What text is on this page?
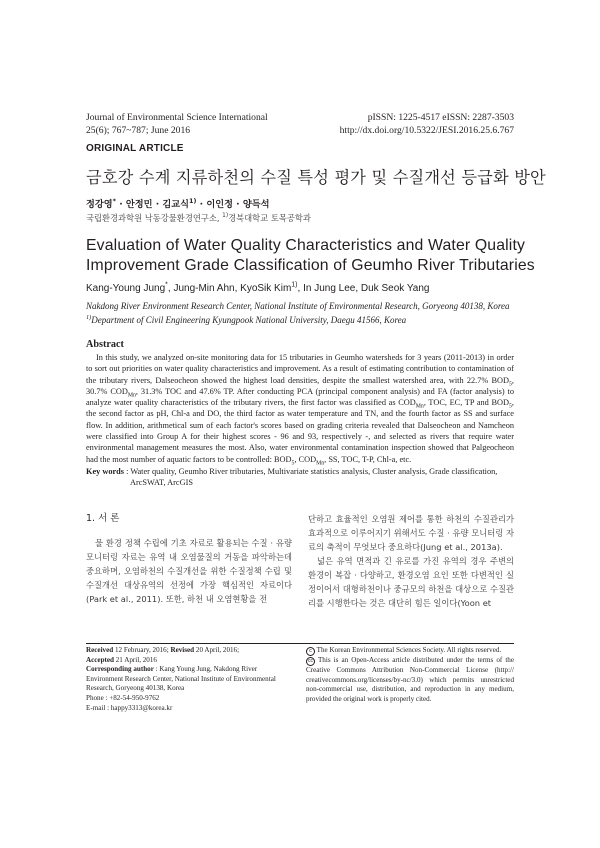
Journal of Environmental Science International
25(6); 767~787; June 2016
pISSN: 1225-4517 eISSN: 2287-3503
http://dx.doi.org/10.5322/JESI.2016.25.6.767
ORIGINAL ARTICLE
금호강 수계 지류하천의 수질 특성 평가 및 수질개선 등급화 방안
정강영* · 안정민 · 김교식$^{1)}$ · 이인정 · 양득석
국립환경과학원 낙동강물환경연구소, $^{1)}$경북대학교 토목공학과
Evaluation of Water Quality Characteristics and Water Quality
Improvement Grade Classification of Geumho River Tributaries
Kang-Young Jung*, Jung-Min Ahn, KyoSik Kim$^{1)}$, In Jung Lee, Duk Seok Yang
Nakdong River Environment Research Center, National Institute of Environmental Research, Goryeong 40138, Korea
$^{1)}$Department of Civil Engineering Kyungpook National University, Daegu 41566, Korea
Abstract

In this study, we analyzed on-site monitoring data for 15 tributaries in Geumho watersheds for 3 years (2011-2013) in order to sort out priorities on water quality characteristics and improvement. As a result of estimating contribution to contamination of the tributary rivers, Dalseocheon showed the highest load densities, despite the smallest watershed area, with 22.7% $BOD_5$, 30.7% $COD_{Mn}$, 31.3% TOC and 47.6% TP. After conducting PCA (principal component analysis) and FA (factor analysis) to analyze water quality characteristics of the tributary rivers, the first factor was classified as $COD_{Mn}$, TOC, EC, TP and $BOD_5$, the second factor as pH, Chl-a and DO, the third factor as water temperature and TN, and the fourth factor as SS and surface flow. In addition, arithmetical sum of each factor's scores based on grading criteria revealed that Dalseocheon and Namcheon were classified into Group A for their highest scores - 96 and 93, respectively -, and selected as rivers that require water environmental management measures the most. Also, water environmental contamination inspection showed that Palgeocheon had the most number of aquatic factors to be controlled: $BOD_5$, $COD_{Mn}$, SS, TOC, T-P, Chl-a, etc.

Key words : Water quality, Geumho River tributaries, Multivariate statistics analysis, Cluster analysis, Grade classification,
ArcSWAT, ArcGIS

1. 서 론

물 환경 정책 수립에 기초 자료로 활용되는 수질 · 유량 모니터링 자료는 유역 내 오염물질의 거동을 파악하는데 중요하며, 오염하천의 수질개선을 위한 수질정책 수립 및 수질개선 대상유역의 선정에 가장 핵심적인 자료이다(Park et al., 2011). 또한, 하천 내 오염현황을 전

단하고 효율적인 오염원 제어를 통한 하천의 수질관리가 효과적으로 이루어지기 위해서도 수질 · 유량 모니터링 자료의 축적이 무엇보다 중요하다(Jung et al., 2013a).

넓은 유역 면적과 긴 유로를 가진 유역의 경우 주변의 환경이 복잡 · 다양하고, 환경오염 요인 또한 다변적인 실정이어서 대형하천이나 중규모의 하천을 대상으로 수질관리를 시행한다는 것은 대단히 힘든 일이다(Yoon et

Received 12 February, 2016; Revised 20 April, 2016;
Accepted 21 April, 2016
Corresponding author : Kang Young Jung, Nakdong River Environment Research Center, National Institute of Environmental Research, Goryeong 40138, Korea
Phone : +82-54-950-9762
E-mail : happy3313@korea.kr
c The Korean Environmental Sciences Society. All rights reserved.
cc This is an Open-Access article distributed under the terms of the Creative Commons Attribution Non-Commercial License (http:// creativecommons.org/licenses/by-nc/3.0) which permits unrestricted non-commercial use, distribution, and reproduction in any medium, provided the original work is properly cited.
